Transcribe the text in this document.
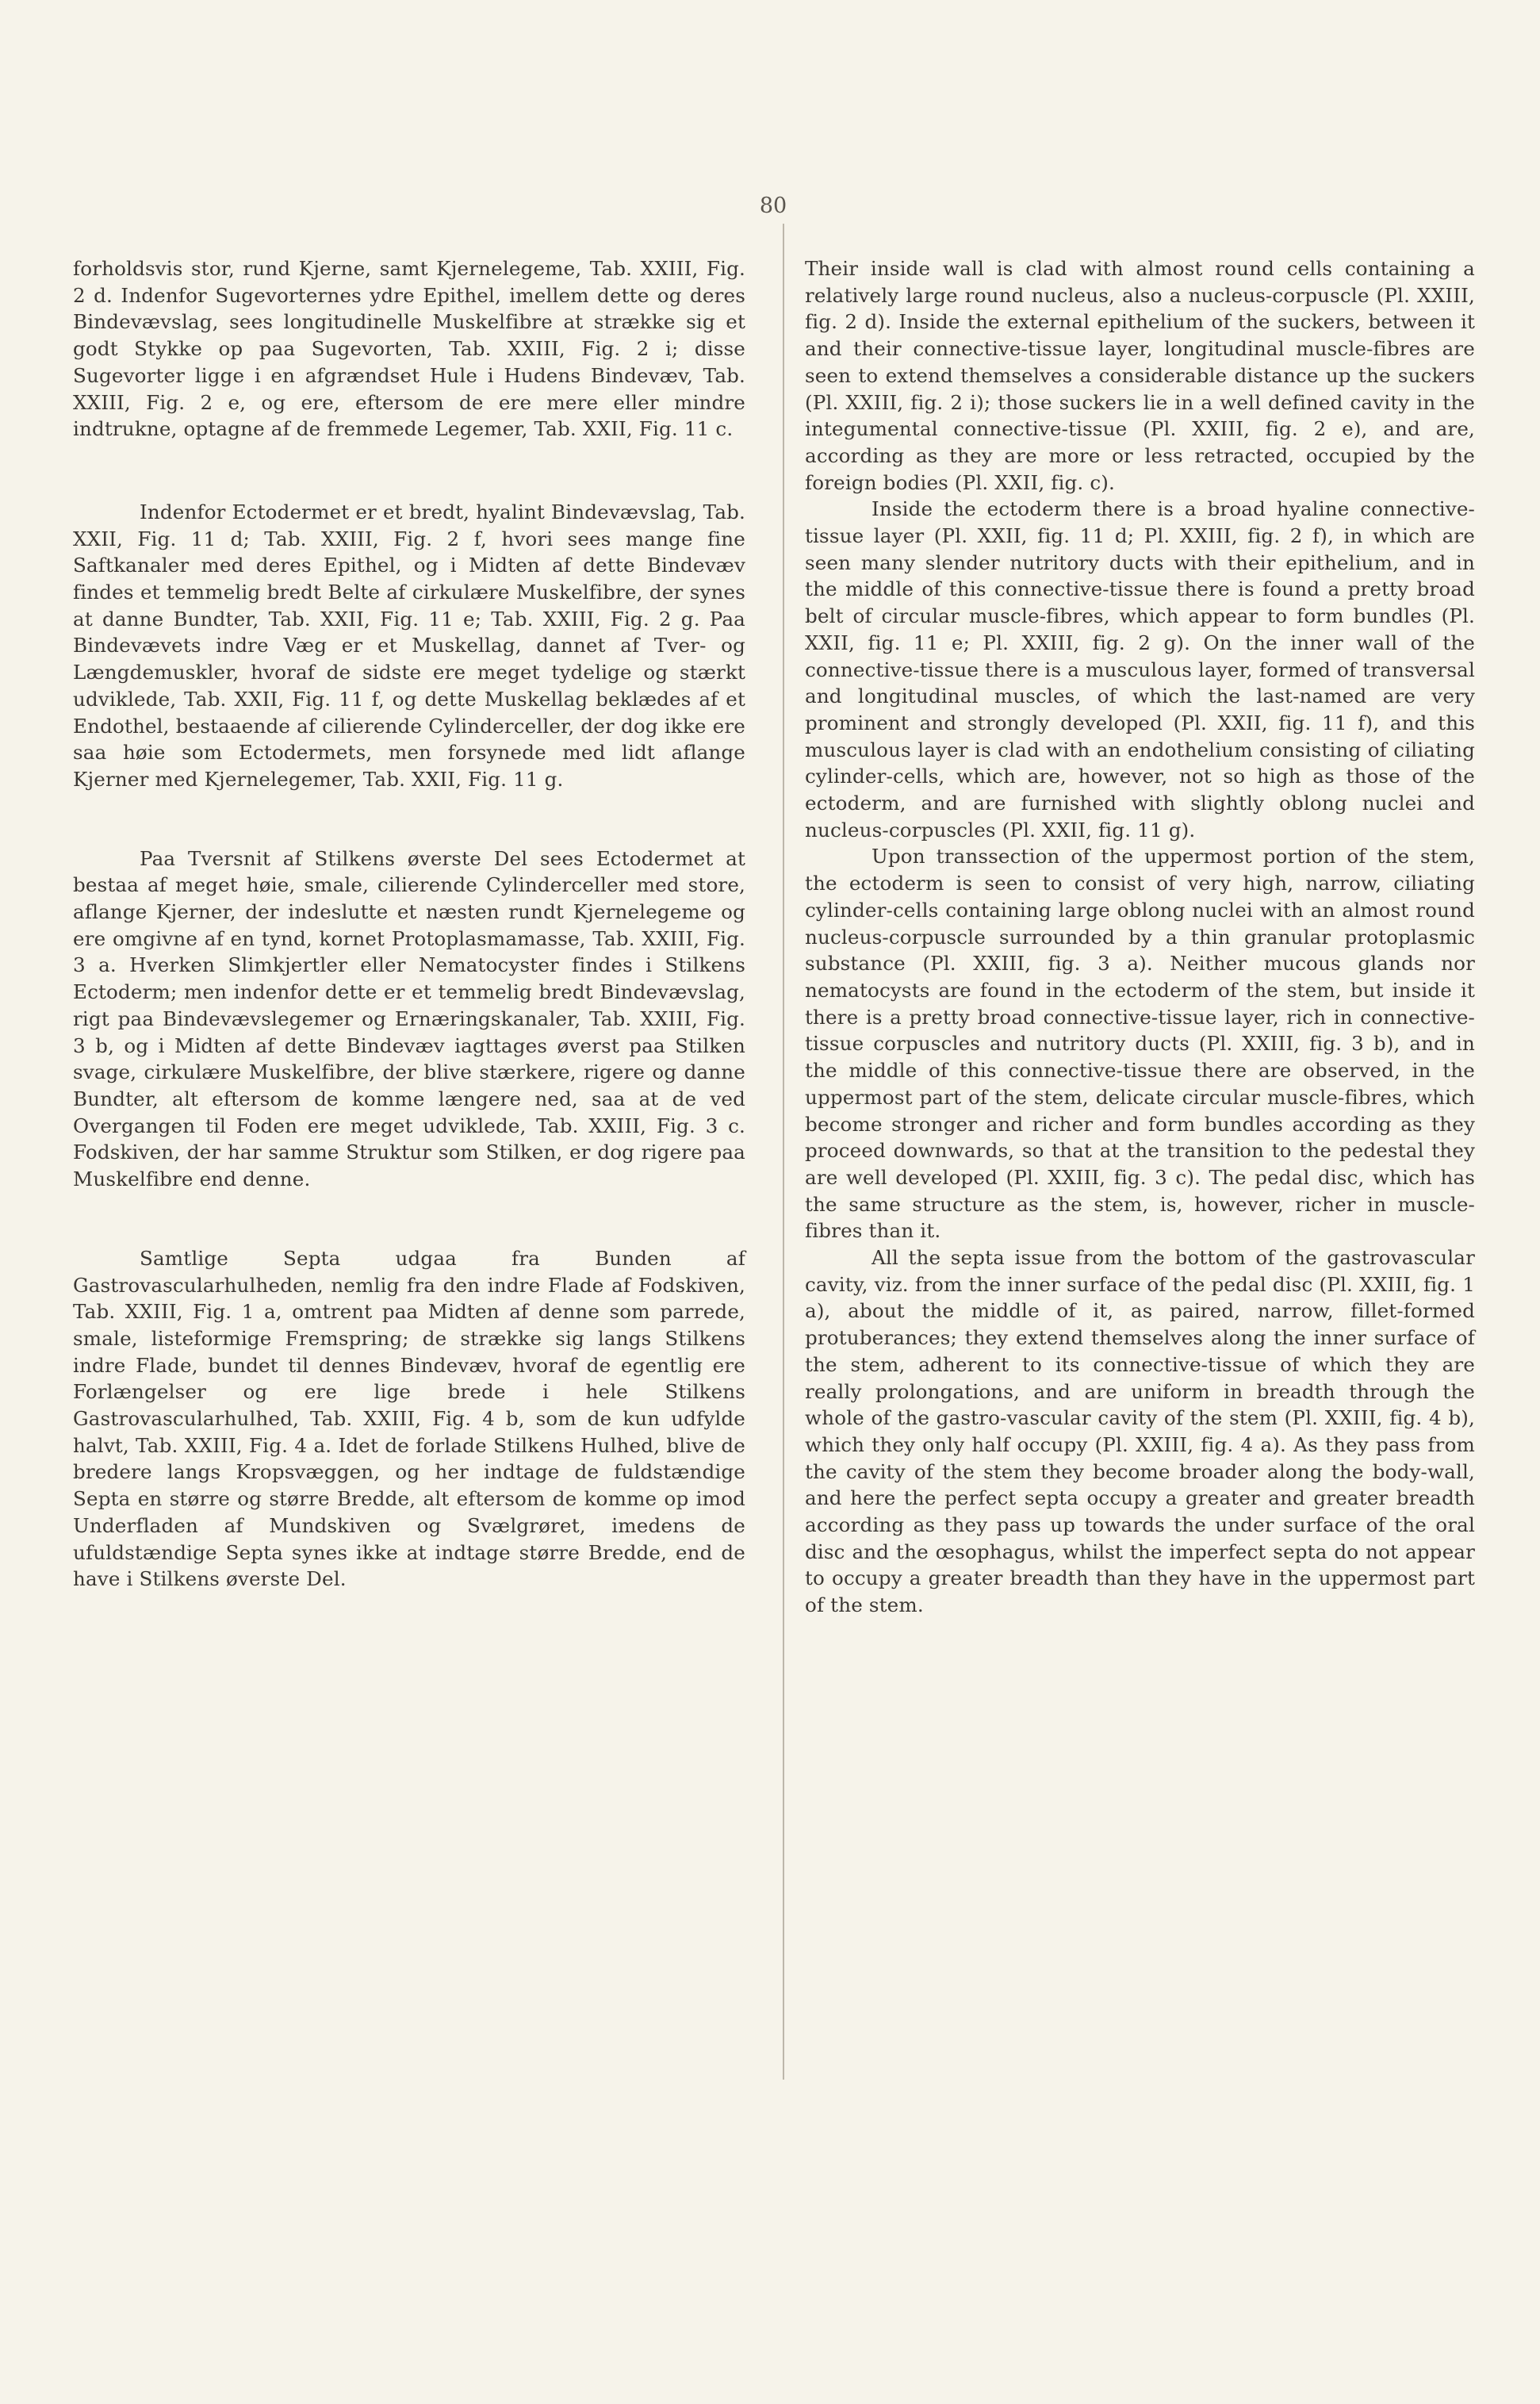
80

forholdsvis stor, rund Kjerne, samt Kjernelegeme, Tab. XXIII, Fig. 2 d. Indenfor Sugevorternes ydre Epithel, imellem dette og deres Bindevævslag, sees longitudinelle Muskelfibre at strække sig et godt Stykke op paa Sugevorten, Tab. XXIII, Fig. 2 i; disse Sugevorter ligge i en afgrændset Hule i Hudens Bindevæv, Tab. XXIII, Fig. 2 e, og ere, eftersom de ere mere eller mindre indtrukne, optagne af de fremmede Legemer, Tab. XXII, Fig. 11 c.

Indenfor Ectodermet er et bredt, hyalint Bindevævslag, Tab. XXII, Fig. 11 d; Tab. XXIII, Fig. 2 f, hvori sees mange fine Saftkanaler med deres Epithel, og i Midten af dette Bindevæv findes et temmelig bredt Belte af cirkulære Muskelfibre, der synes at danne Bundter, Tab. XXII, Fig. 11 e; Tab. XXIII, Fig. 2 g. Paa Bindevævets indre Væg er et Muskellag, dannet af Tver- og Længdemuskler, hvoraf de sidste ere meget tydelige og stærkt udviklede, Tab. XXII, Fig. 11 f, og dette Muskellag beklædes af et Endothel, bestaaende af cilierende Cylinderceller, der dog ikke ere saa høie som Ectodermets, men forsynede med lidt aflange Kjerner med Kjernelegemer, Tab. XXII, Fig. 11 g.

Paa Tversnit af Stilkens øverste Del sees Ectodermet at bestaa af meget høie, smale, cilierende Cylinderceller med store, aflange Kjerner, der indeslutte et næsten rundt Kjernelegeme og ere omgivne af en tynd, kornet Protoplasmamasse, Tab. XXIII, Fig. 3 a. Hverken Slimkjertler eller Nematocyster findes i Stilkens Ectoderm; men indenfor dette er et temmelig bredt Bindevævslag, rigt paa Bindevævslegemer og Ernæringskanaler, Tab. XXIII, Fig. 3 b, og i Midten af dette Bindevæv iagttages øverst paa Stilken svage, cirkulære Muskelfibre, der blive stærkere, rigere og danne Bundter, alt eftersom de komme længere ned, saa at de ved Overgangen til Foden ere meget udviklede, Tab. XXIII, Fig. 3 c. Fodskiven, der har samme Struktur som Stilken, er dog rigere paa Muskelfibre end denne.

Samtlige Septa udgaa fra Bunden af Gastrovascularhulheden, nemlig fra den indre Flade af Fodskiven, Tab. XXIII, Fig. 1 a, omtrent paa Midten af denne som parrede, smale, listeformige Fremspring; de strække sig langs Stilkens indre Flade, bundet til dennes Bindevæv, hvoraf de egentlig ere Forlængelser og ere lige brede i hele Stilkens Gastrovascularhulhed, Tab. XXIII, Fig. 4 b, som de kun udfylde halvt, Tab. XXIII, Fig. 4 a. Idet de forlade Stilkens Hulhed, blive de bredere langs Kropsvæggen, og her indtage de fuldstændige Septa en større og større Bredde, alt eftersom de komme op imod Underfladen af Mundskiven og Svælgrøret, imedens de ufuldstændige Septa synes ikke at indtage større Bredde, end de have i Stilkens øverste Del.

Their inside wall is clad with almost round cells containing a relatively large round nucleus, also a nucleus-corpuscle (Pl. XXIII, fig. 2 d). Inside the external epithelium of the suckers, between it and their connective-tissue layer, longitudinal muscle-fibres are seen to extend themselves a considerable distance up the suckers (Pl. XXIII, fig. 2 i); those suckers lie in a well defined cavity in the integumental connective-tissue (Pl. XXIII, fig. 2 e), and are, according as they are more or less retracted, occupied by the foreign bodies (Pl. XXII, fig. c).

Inside the ectoderm there is a broad hyaline connective-tissue layer (Pl. XXII, fig. 11 d; Pl. XXIII, fig. 2 f), in which are seen many slender nutritory ducts with their epithelium, and in the middle of this connective-tissue there is found a pretty broad belt of circular muscle-fibres, which appear to form bundles (Pl. XXII, fig. 11 e; Pl. XXIII, fig. 2 g). On the inner wall of the connective-tissue there is a musculous layer, formed of transversal and longitudinal muscles, of which the last-named are very prominent and strongly developed (Pl. XXII, fig. 11 f), and this musculous layer is clad with an endothelium consisting of ciliating cylinder-cells, which are, however, not so high as those of the ectoderm, and are furnished with slightly oblong nuclei and nucleus-corpuscles (Pl. XXII, fig. 11 g).

Upon transsection of the uppermost portion of the stem, the ectoderm is seen to consist of very high, narrow, ciliating cylinder-cells containing large oblong nuclei with an almost round nucleus-corpuscle surrounded by a thin granular protoplasmic substance (Pl. XXIII, fig. 3 a). Neither mucous glands nor nematocysts are found in the ectoderm of the stem, but inside it there is a pretty broad connective-tissue layer, rich in connective-tissue corpuscles and nutritory ducts (Pl. XXIII, fig. 3 b), and in the middle of this connective-tissue there are observed, in the uppermost part of the stem, delicate circular muscle-fibres, which become stronger and richer and form bundles according as they proceed downwards, so that at the transition to the pedestal they are well developed (Pl. XXIII, fig. 3 c). The pedal disc, which has the same structure as the stem, is, however, richer in muscle-fibres than it.

All the septa issue from the bottom of the gastrovascular cavity, viz. from the inner surface of the pedal disc (Pl. XXIII, fig. 1 a), about the middle of it, as paired, narrow, fillet-formed protuberances; they extend themselves along the inner surface of the stem, adherent to its connective-tissue of which they are really prolongations, and are uniform in breadth through the whole of the gastro-vascular cavity of the stem (Pl. XXIII, fig. 4 b), which they only half occupy (Pl. XXIII, fig. 4 a). As they pass from the cavity of the stem they become broader along the body-wall, and here the perfect septa occupy a greater and greater breadth according as they pass up towards the under surface of the oral disc and the œsophagus, whilst the imperfect septa do not appear to occupy a greater breadth than they have in the uppermost part of the stem.
